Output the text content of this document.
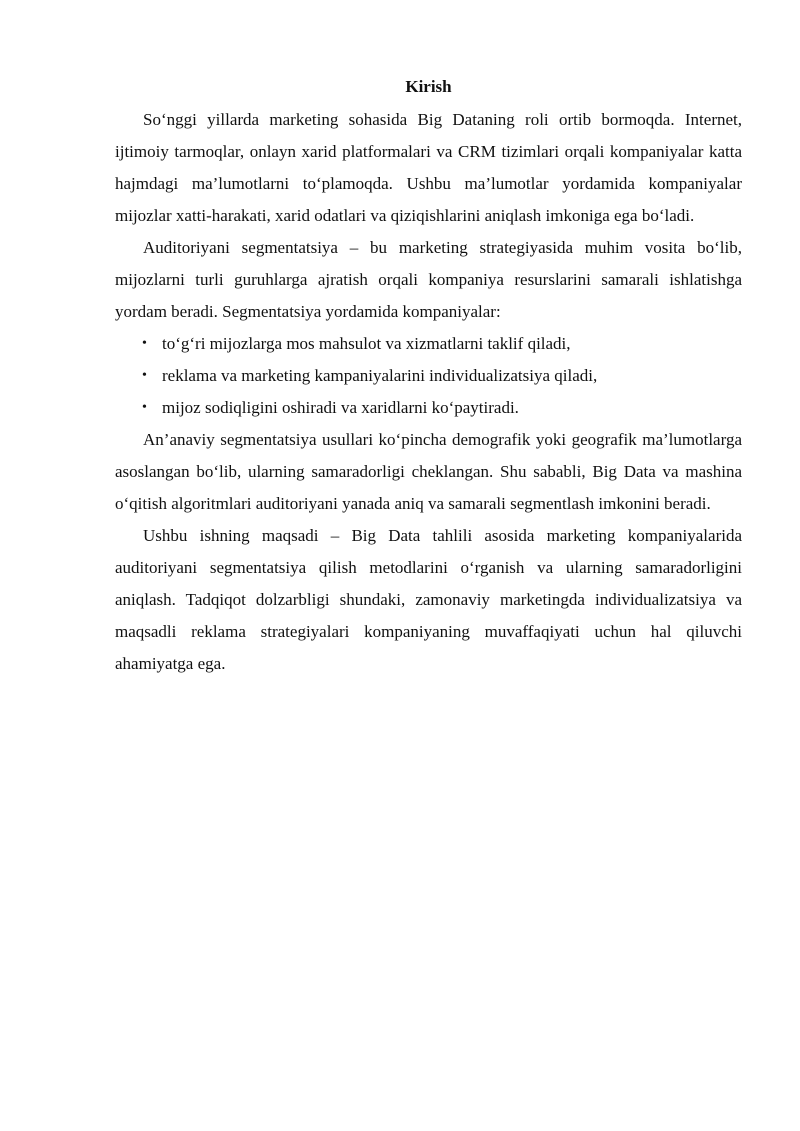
Kirish

So‘nggi yillarda marketing sohasida Big Dataning roli ortib bormoqda. Internet, ijtimoiy tarmoqlar, onlayn xarid platformalari va CRM tizimlari orqali kompaniyalar katta hajmdagi ma’lumotlarni to‘plamoqda. Ushbu ma’lumotlar yordamida kompaniyalar mijozlar xatti-harakati, xarid odatlari va qiziqishlarini aniqlash imkoniga ega bo‘ladi.

Auditoriyani segmentatsiya – bu marketing strategiyasida muhim vosita bo‘lib, mijozlarni turli guruhlarga ajratish orqali kompaniya resurslarini samarali ishlatishga yordam beradi. Segmentatsiya yordamida kompaniyalar:

• to‘g‘ri mijozlarga mos mahsulot va xizmatlarni taklif qiladi,
• reklama va marketing kampaniyalarini individualizatsiya qiladi,
• mijoz sodiqligini oshiradi va xaridlarni ko‘paytiradi.

An’anaviy segmentatsiya usullari ko‘pincha demografik yoki geografik ma’lumotlarga asoslangan bo‘lib, ularning samaradorligi cheklangan. Shu sababli, Big Data va mashina o‘qitish algoritmlari auditoriyani yanada aniq va samarali segmentlash imkonini beradi.

Ushbu ishning maqsadi – Big Data tahlili asosida marketing kompaniyalarida auditoriyani segmentatsiya qilish metodlarini o‘rganish va ularning samaradorligini aniqlash. Tadqiqot dolzarbligi shundaki, zamonaviy marketingda individualizatsiya va maqsadli reklama strategiyalari kompaniyaning muvaffaqiyati uchun hal qiluvchi ahamiyatga ega.
